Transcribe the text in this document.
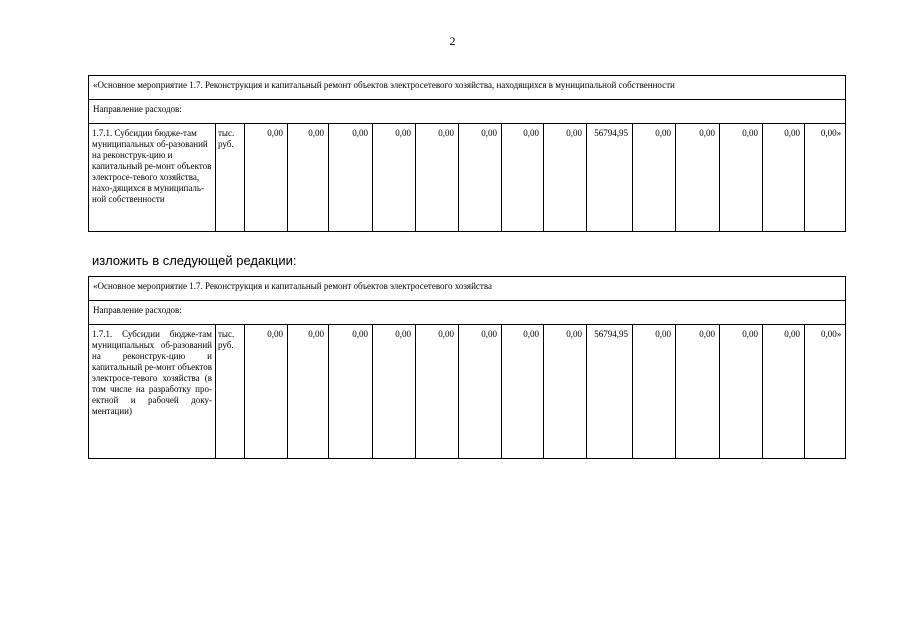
2
«Основное мероприятие 1.7. Реконструкция и капитальный ремонт объектов электросетевого хозяйства, находящихся в муниципальной собственности
Направление расходов:
1.7.1. Субсидии бюдже-там муниципальных об-разований на реконструк-цию и капитальный ре-монт объектов электросе-тевого хозяйства, нахо-дящихся в муниципаль-ной собственности	тыс. руб.	0,00	0,00	0,00	0,00	0,00	0,00	0,00	0,00	56794,95	0,00	0,00	0,00	0,00	0,00»
изложить в следующей редакции:
«Основное мероприятие 1.7. Реконструкция и капитальный ремонт объектов электросетевого хозяйства
Направление расходов:
1.7.1. Субсидии бюдже-там муниципальных об-разований на реконструк-цию и капитальный ре-монт объектов электросе-тевого хозяйства (в том числе на разработку про-ектной и рабочей доку-ментации)	тыс. руб.	0,00	0,00	0,00	0,00	0,00	0,00	0,00	0,00	56794,95	0,00	0,00	0,00	0,00	0,00»
